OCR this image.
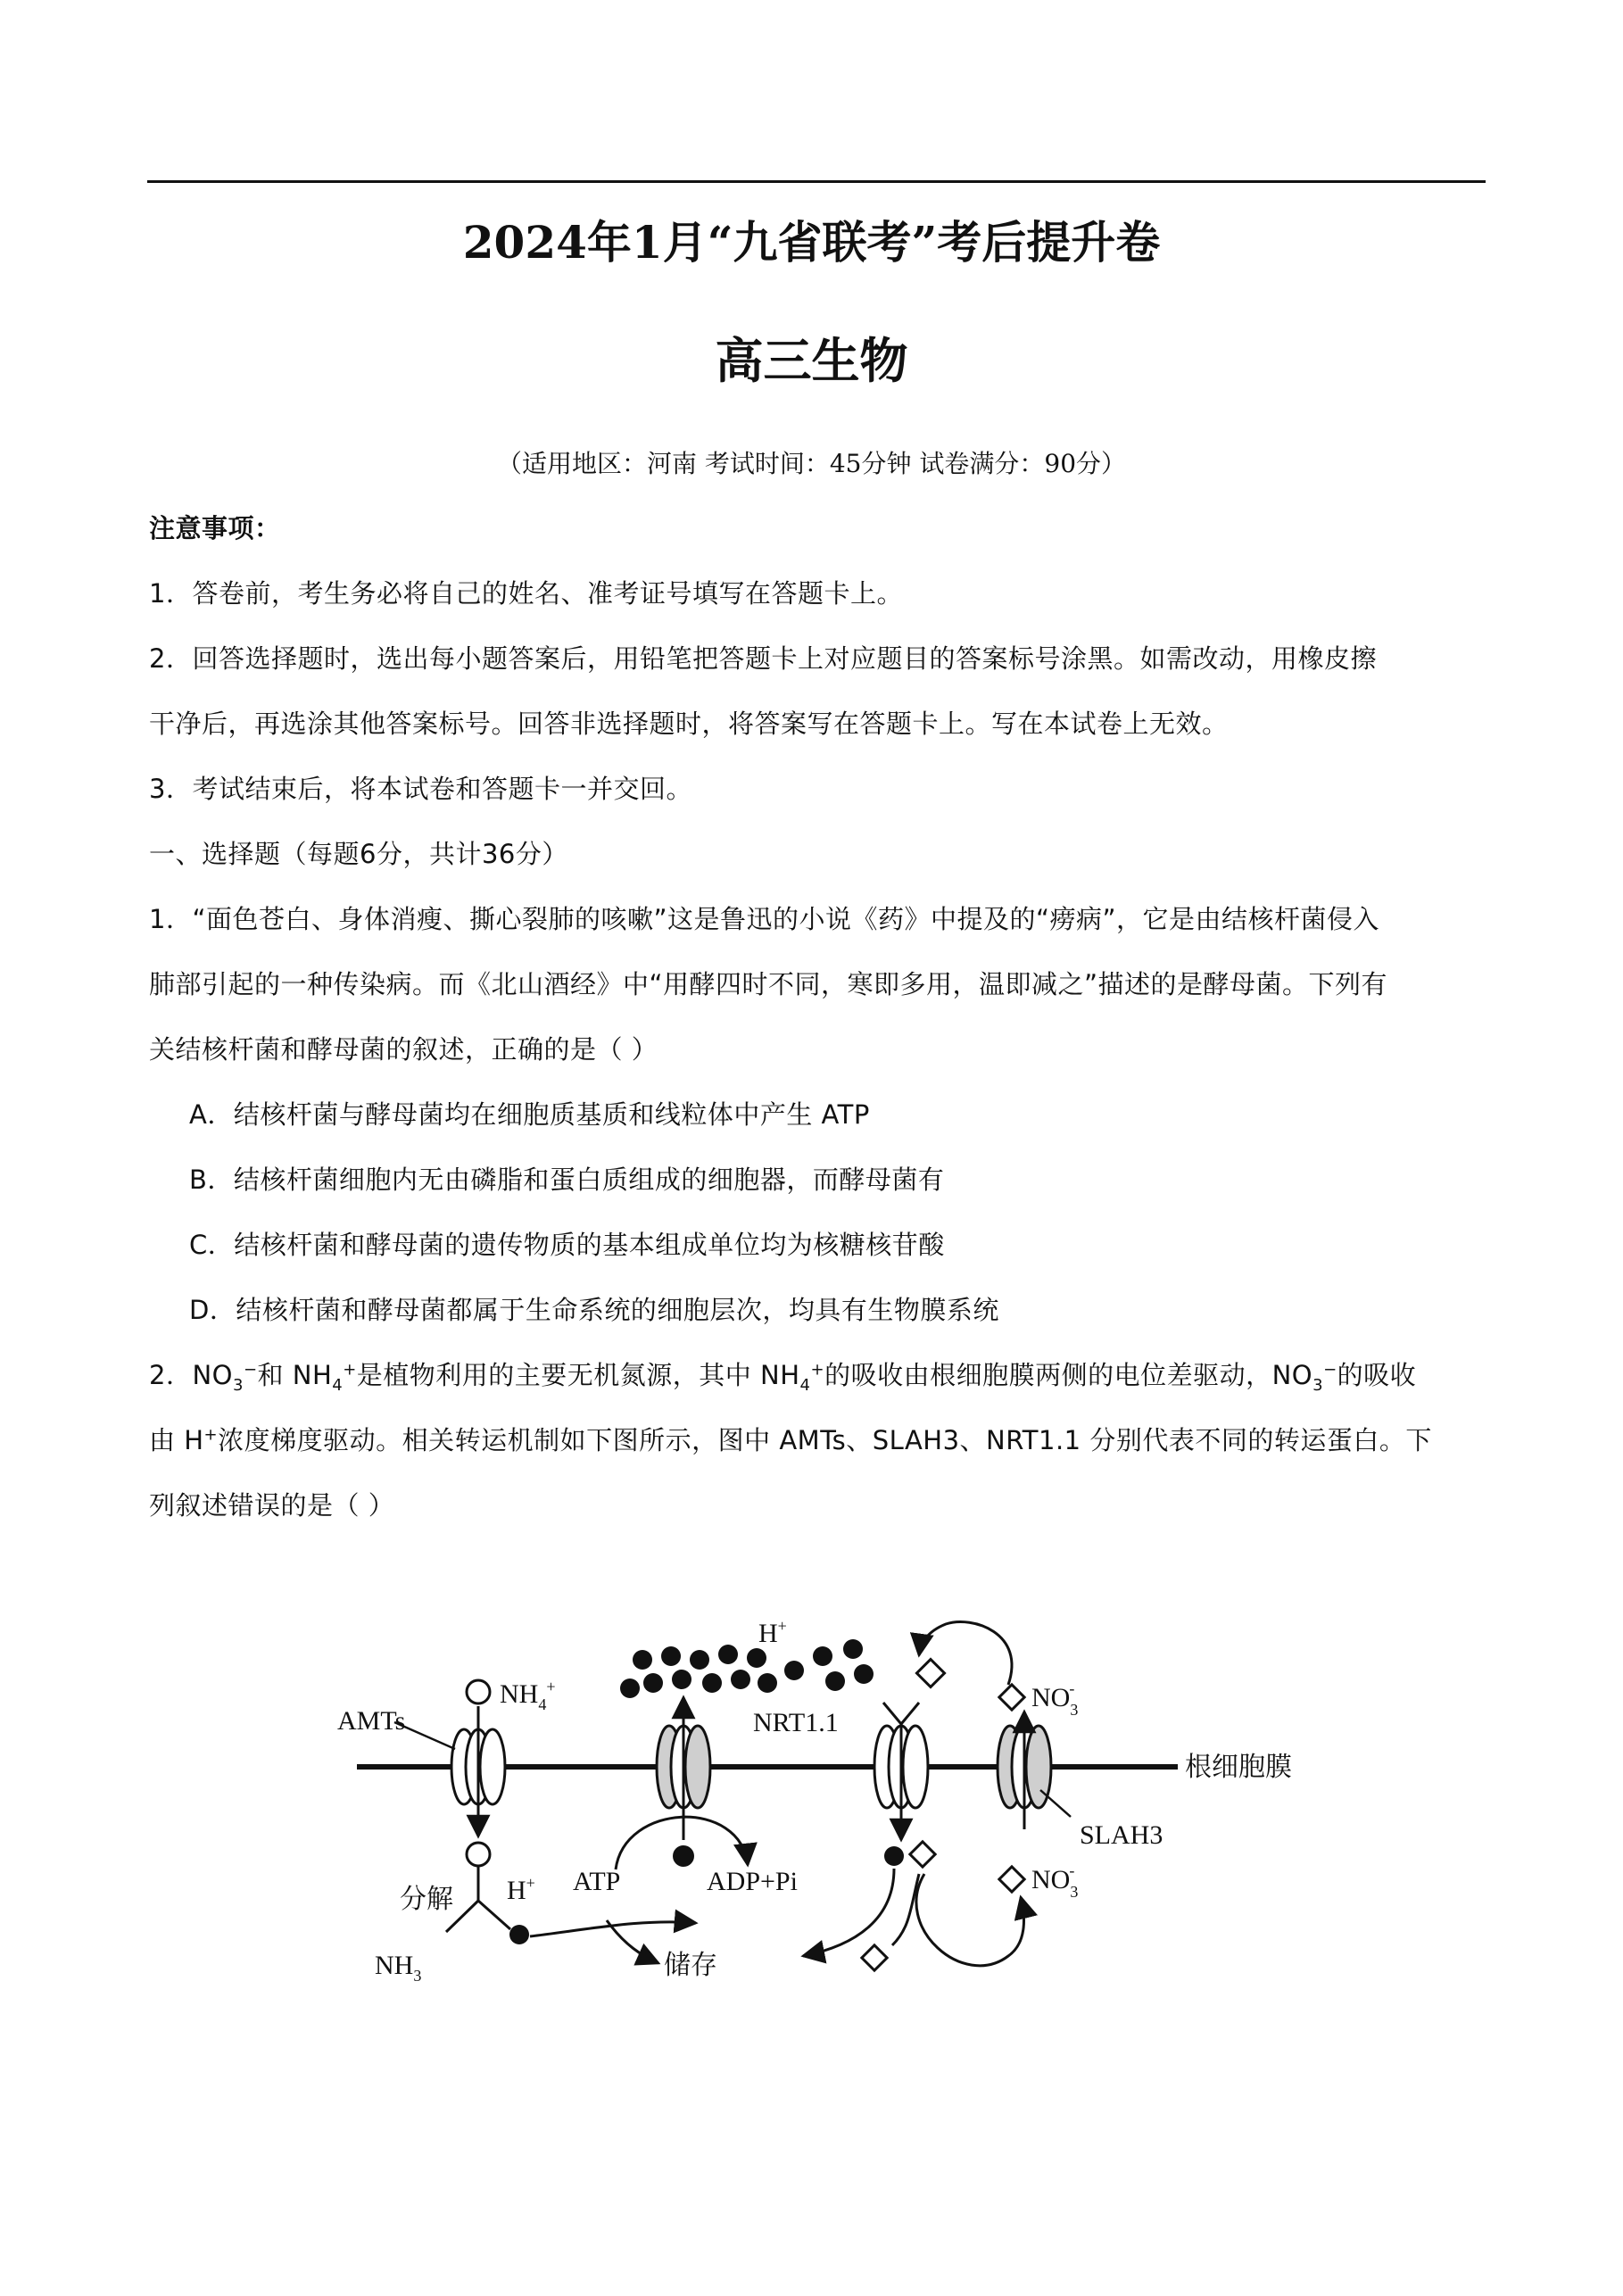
2024年1月“九省联考”考后提升卷
高三生物
（适用地区：河南 考试时间：45分钟 试卷满分：90分）
注意事项：
1．答卷前，考生务必将自己的姓名、准考证号填写在答题卡上。
2．回答选择题时，选出每小题答案后，用铅笔把答题卡上对应题目的答案标号涂黑。如需改动，用橡皮擦
干净后，再选涂其他答案标号。回答非选择题时，将答案写在答题卡上。写在本试卷上无效。
3．考试结束后，将本试卷和答题卡一并交回。
一、选择题（每题6分，共计36分）
1．“面色苍白、身体消瘦、撕心裂肺的咳嗽”这是鲁迅的小说《药》中提及的“痨病”，它是由结核杆菌侵入
肺部引起的一种传染病。而《北山酒经》中“用酵四时不同，寒即多用，温即减之”描述的是酵母菌。下列有
关结核杆菌和酵母菌的叙述，正确的是（ ）
A．结核杆菌与酵母菌均在细胞质基质和线粒体中产生 ATP
B．结核杆菌细胞内无由磷脂和蛋白质组成的细胞器，而酵母菌有
C．结核杆菌和酵母菌的遗传物质的基本组成单位均为核糖核苷酸
D．结核杆菌和酵母菌都属于生命系统的细胞层次，均具有生物膜系统
2．$NO_3^-$和 $NH_4^+$是植物利用的主要无机氮源，其中 $NH_4^+$的吸收由根细胞膜两侧的电位差驱动，$NO_3^-$的吸收
由 H+浓度梯度驱动。相关转运机制如下图所示，图中 AMTs、SLAH3、NRT1.1 分别代表不同的转运蛋白。下
列叙述错误的是（ ）
根细胞膜
$NH_4^+$
AMTs
分解 H+
$NH_3$
ATP	ADP+Pi
H+
NRT1.1
$NO_3-$
SLAH3
$NO_3-$
储存
